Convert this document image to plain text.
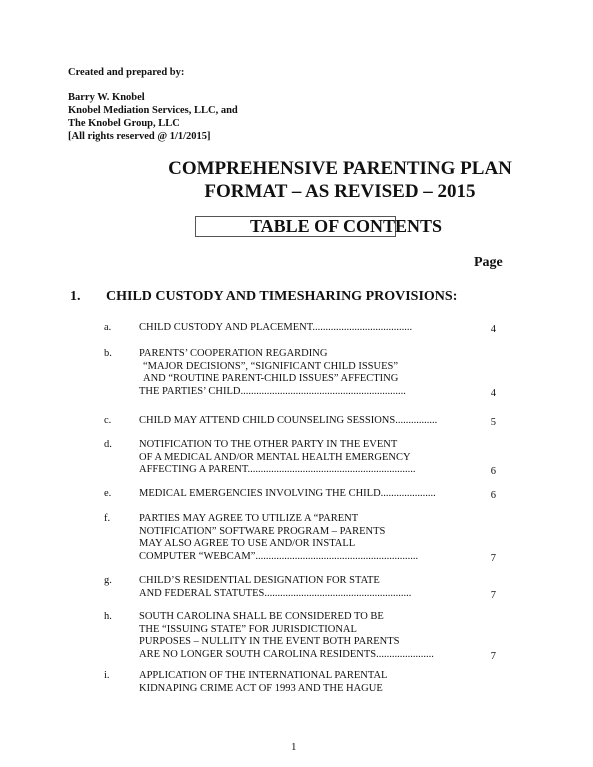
Created and prepared by:
Barry W. Knobel
Knobel Mediation Services, LLC, and
The Knobel Group, LLC
[All rights reserved @ 1/1/2015]
COMPREHENSIVE PARENTING PLAN
FORMAT – AS REVISED – 2015
TABLE OF CONTENTS
Page
1. CHILD CUSTODY AND TIMESHARING PROVISIONS:
a.	CHILD CUSTODY AND PLACEMENT......................................	4
b.	PARENTS’ COOPERATION REGARDING
“MAJOR DECISIONS”, “SIGNIFICANT CHILD ISSUES”
AND “ROUTINE PARENT-CHILD ISSUES” AFFECTING
THE PARTIES’ CHILD...............................................................	4
c.	CHILD MAY ATTEND CHILD COUNSELING SESSIONS................	5
d.	NOTIFICATION TO THE OTHER PARTY IN THE EVENT
OF A MEDICAL AND/OR MENTAL HEALTH EMERGENCY
AFFECTING A PARENT................................................................	6
e.	MEDICAL EMERGENCIES INVOLVING THE CHILD.....................	6
f.	PARTIES MAY AGREE TO UTILIZE A “PARENT
NOTIFICATION” SOFTWARE PROGRAM – PARENTS
MAY ALSO AGREE TO USE AND/OR INSTALL
COMPUTER “WEBCAM”..............................................................	7
g.	CHILD’S RESIDENTIAL DESIGNATION FOR STATE
AND FEDERAL STATUTES........................................................	7
h.	SOUTH CAROLINA SHALL BE CONSIDERED TO BE
THE “ISSUING STATE” FOR JURISDICTIONAL
PURPOSES – NULLITY IN THE EVENT BOTH PARENTS
ARE NO LONGER SOUTH CAROLINA RESIDENTS......................	7
i.	APPLICATION OF THE INTERNATIONAL PARENTAL
KIDNAPING CRIME ACT OF 1993 AND THE HAGUE
1
